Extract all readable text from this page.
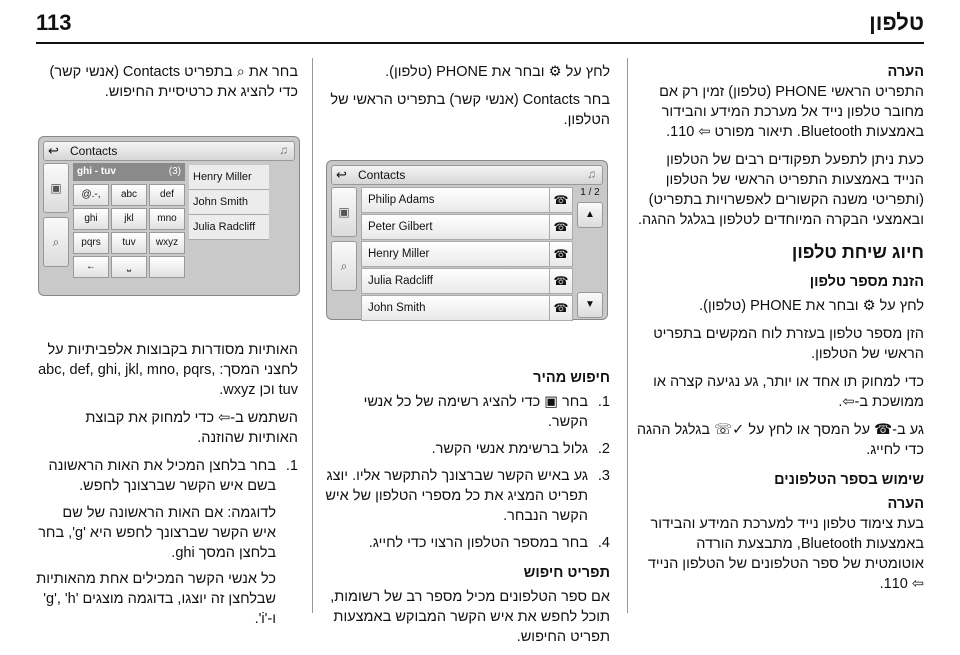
113	טלפון

הערה

התפריט הראשי PHONE (טלפון) זמין רק אם מחובר טלפון נייד אל מערכת המידע והבידור באמצעות Bluetooth. תיאור מפורט ⇦ 110.

כעת ניתן לתפעל תפקודים רבים של הטלפון הנייד באמצעות התפריט הראשי של הטלפון (ותפריטי משנה הקשורים לאפשרויות בתפריט) ובאמצעי הבקרה המיוחדים לטלפון בגלגל ההגה.

חיוג שיחת טלפון
הזנת מספר טלפון

לחץ על ⚙ ובחר את PHONE (טלפון).

הזן מספר טלפון בעזרת לוח המקשים בתפריט הראשי של הטלפון.

כדי למחוק תו אחד או יותר, גע נגיעה קצרה או ממושכת ב-⇦.

גע ב-☎ על המסך או לחץ על ✓☏ בגלגל ההגה כדי לחייג.

שימוש בספר הטלפונים

הערה

בעת צימוד טלפון נייד למערכת המידע והבידור באמצעות Bluetooth, מתבצעת הורדה אוטומטית של ספר הטלפונים של הטלפון הנייד ⇦ 110.

לחץ על ⚙ ובחר את PHONE (טלפון).

בחר Contacts (אנשי קשר) בתפריט הראשי של הטלפון.

חיפוש מהיר
1.
בחר ▣ כדי להציג רשימה של כל אנשי הקשר.
2.
גלול ברשימת אנשי הקשר.
3.
גע באיש הקשר שברצונך להתקשר אליו. יוצג תפריט המציג את כל מספרי הטלפון של איש הקשר הנבחר.
4.
בחר במספר הטלפון הרצוי כדי לחייג.
תפריט חיפוש

אם ספר הטלפונים מכיל מספר רב של רשומות, תוכל לחפש את איש הקשר המבוקש באמצעות תפריט החיפוש.

↩ Contacts	♫
▣
⌕
Philip Adams	☎
Peter Gilbert	☎
Henry Miller	☎
Julia Radcliff	☎
John Smith	☎
1 / 2
▲
▼

בחר את ⌕ בתפריט Contacts (אנשי קשר) כדי להציג את כרטיסיית החיפוש.

האותיות מסודרות בקבוצות אלפביתיות על לחצני המסך: abc, def, ghi, jkl, mno, pqrs, tuv וכן wxyz.

השתמש ב-⇦ כדי למחוק את קבוצת האותיות שהוזנה.

1.
בחר בלחצן המכיל את האות הראשונה בשם איש הקשר שברצונך לחפש.

לדוגמה: אם האות הראשונה של שם איש הקשר שברצונך לחפש היא 'g', בחר בלחצן המסך ghi.

כל אנשי הקשר המכילים אחת מהאותיות שבלחצן זה יוצגו, בדוגמה מוצגים 'g', 'h' ו-'i'.

↩ Contacts	♫
▣
⌕
(3)
ghi - tuv
@.-,	abc	def
ghi	jkl	mno
pqrs	tuv	wxyz
←	⎵
Henry Miller
John Smith
Julia Radcliff
